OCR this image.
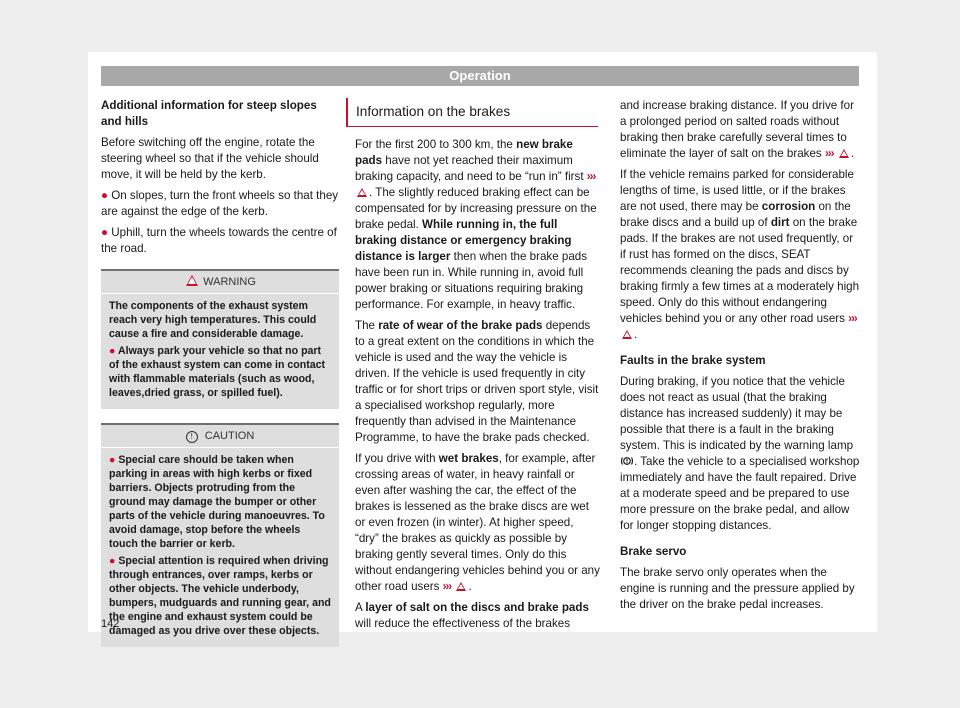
Operation

Additional information for steep slopes and hills

Before switching off the engine, rotate the steering wheel so that if the vehicle should move, it will be held by the kerb.

● On slopes, turn the front wheels so that they are against the edge of the kerb.

● Uphill, turn the wheels towards the centre of the road.

WARNING

The components of the exhaust system reach very high temperatures. This could cause a fire and considerable damage.

● Always park your vehicle so that no part of the exhaust system can come in contact with flammable materials (such as wood, leaves,dried grass, or spilled fuel).

! CAUTION

● Special care should be taken when parking in areas with high kerbs or fixed barriers. Objects protruding from the ground may damage the bumper or other parts of the vehicle during manoeuvres. To avoid damage, stop before the wheels touch the barrier or kerb.

● Special attention is required when driving through entrances, over ramps, kerbs or other objects. The vehicle underbody, bumpers, mudguards and running gear, and the engine and exhaust system could be damaged as you drive over these objects.

Information on the brakes

For the first 200 to 300 km, the new brake pads have not yet reached their maximum braking capacity, and need to be “run in” first ››› . The slightly reduced braking effect can be compensated for by increasing pressure on the brake pedal. While running in, the full braking distance or emergency braking distance is larger then when the brake pads have been run in. While running in, avoid full power braking or situations requiring braking performance. For example, in heavy traffic.

The rate of wear of the brake pads depends to a great extent on the conditions in which the vehicle is used and the way the vehicle is driven. If the vehicle is used frequently in city traffic or for short trips or driven sport style, visit a specialised workshop regularly, more frequently than advised in the Maintenance Programme, to have the brake pads checked.

If you drive with wet brakes, for example, after crossing areas of water, in heavy rainfall or even after washing the car, the effect of the brakes is lessened as the brake discs are wet or even frozen (in winter). At higher speed, “dry” the brakes as quickly as possible by braking gently several times. Only do this without endangering vehicles behind you or any other road users ››› .

A layer of salt on the discs and brake pads will reduce the effectiveness of the brakes

and increase braking distance. If you drive for a prolonged period on salted roads without braking then brake carefully several times to eliminate the layer of salt on the brakes ››› .

If the vehicle remains parked for considerable lengths of time, is used little, or if the brakes are not used, there may be corrosion on the brake discs and a build up of dirt on the brake pads. If the brakes are not used frequently, or if rust has formed on the discs, SEAT recommends cleaning the pads and discs by braking firmly a few times at a moderately high speed. Only do this without endangering vehicles behind you or any other road users ››› .

Faults in the brake system

During braking, if you notice that the vehicle does not react as usual (that the braking distance has increased suddenly) it may be possible that there is a fault in the braking system. This is indicated by the warning lamp . Take the vehicle to a specialised workshop immediately and have the fault repaired. Drive at a moderate speed and be prepared to use more pressure on the brake pedal, and allow for longer stopping distances.

Brake servo

The brake servo only operates when the engine is running and the pressure applied by the driver on the brake pedal increases.

142
